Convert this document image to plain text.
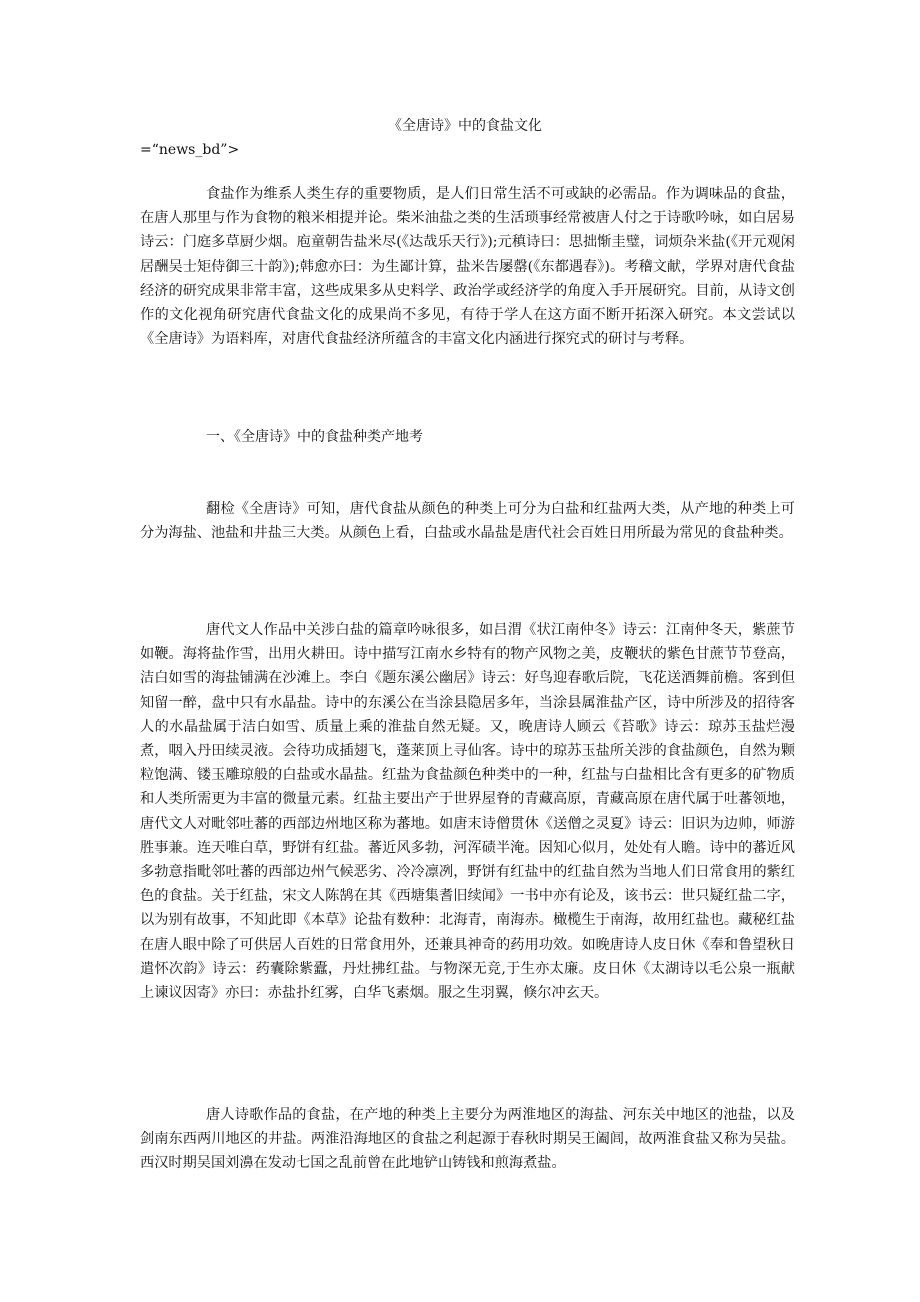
《全唐诗》中的食盐文化
=“news_bd”>

食盐作为维系人类生存的重要物质，是人们日常生活不可或缺的必需品。作为调味品的食盐，在唐人那里与作为食物的粮米相提并论。柴米油盐之类的生活琐事经常被唐人付之于诗歌吟咏，如白居易诗云：门庭多草厨少烟。庖童朝告盐米尽(《达哉乐天行》);元稹诗曰：思拙惭圭璧，词烦杂米盐(《开元观闲居酬吴士矩侍御三十韵》);韩愈亦曰：为生鄙计算，盐米告屡罄(《东都遇春》)。考稽文献，学界对唐代食盐经济的研究成果非常丰富，这些成果多从史料学、政治学或经济学的角度入手开展研究。目前，从诗文创作的文化视角研究唐代食盐文化的成果尚不多见，有待于学人在这方面不断开拓深入研究。本文尝试以《全唐诗》为语料库，对唐代食盐经济所蕴含的丰富文化内涵进行探究式的研讨与考释。

一、《全唐诗》中的食盐种类产地考

翻检《全唐诗》可知，唐代食盐从颜色的种类上可分为白盐和红盐两大类，从产地的种类上可分为海盐、池盐和井盐三大类。从颜色上看，白盐或水晶盐是唐代社会百姓日用所最为常见的食盐种类。

唐代文人作品中关涉白盐的篇章吟咏很多，如吕渭《状江南仲冬》诗云：江南仲冬天，紫蔗节如鞭。海将盐作雪，出用火耕田。诗中描写江南水乡特有的物产风物之美，皮鞭状的紫色甘蔗节节登高，洁白如雪的海盐铺满在沙滩上。李白《题东溪公幽居》诗云：好鸟迎春歌后院，飞花送酒舞前檐。客到但知留一醉，盘中只有水晶盐。诗中的东溪公在当涂县隐居多年，当涂县属淮盐产区，诗中所涉及的招待客人的水晶盐属于洁白如雪、质量上乘的淮盐自然无疑。又，晚唐诗人顾云《苔歌》诗云：琼苏玉盐烂漫煮，咽入丹田续灵液。会待功成插翅飞，蓬莱顶上寻仙客。诗中的琼苏玉盐所关涉的食盐颜色，自然为颗粒饱满、镂玉雕琼般的白盐或水晶盐。红盐为食盐颜色种类中的一种，红盐与白盐相比含有更多的矿物质和人类所需更为丰富的微量元素。红盐主要出产于世界屋脊的青藏高原，青藏高原在唐代属于吐蕃领地，唐代文人对毗邻吐蕃的西部边州地区称为蕃地。如唐末诗僧贯休《送僧之灵夏》诗云：旧识为边帅，师游胜事兼。连天唯白草，野饼有红盐。蕃近风多勃，河浑碛半淹。因知心似月，处处有人瞻。诗中的蕃近风多勃意指毗邻吐蕃的西部边州气候恶劣、冷冷凛冽，野饼有红盐中的红盐自然为当地人们日常食用的紫红色的食盐。关于红盐，宋文人陈鹄在其《西塘集耆旧续闻》一书中亦有论及，该书云：世只疑红盐二字，以为别有故事，不知此即《本草》论盐有数种：北海青，南海赤。橄榄生于南海，故用红盐也。藏秘红盐在唐人眼中除了可供居人百姓的日常食用外，还兼具神奇的药用功效。如晚唐诗人皮日休《奉和鲁望秋日遣怀次韵》诗云：药囊除紫蠹，丹灶拂红盐。与物深无竞,于生亦太廉。皮日休《太湖诗以毛公泉一瓶献上谏议因寄》亦曰：赤盐扑红雾，白华飞素烟。服之生羽翼，倏尔冲玄天。

唐人诗歌作品的食盐，在产地的种类上主要分为两淮地区的海盐、河东关中地区的池盐，以及剑南东西两川地区的井盐。两淮沿海地区的食盐之利起源于春秋时期吴王阖闾，故两淮食盐又称为吴盐。西汉时期吴国刘濞在发动七国之乱前曾在此地铲山铸钱和煎海煮盐。
